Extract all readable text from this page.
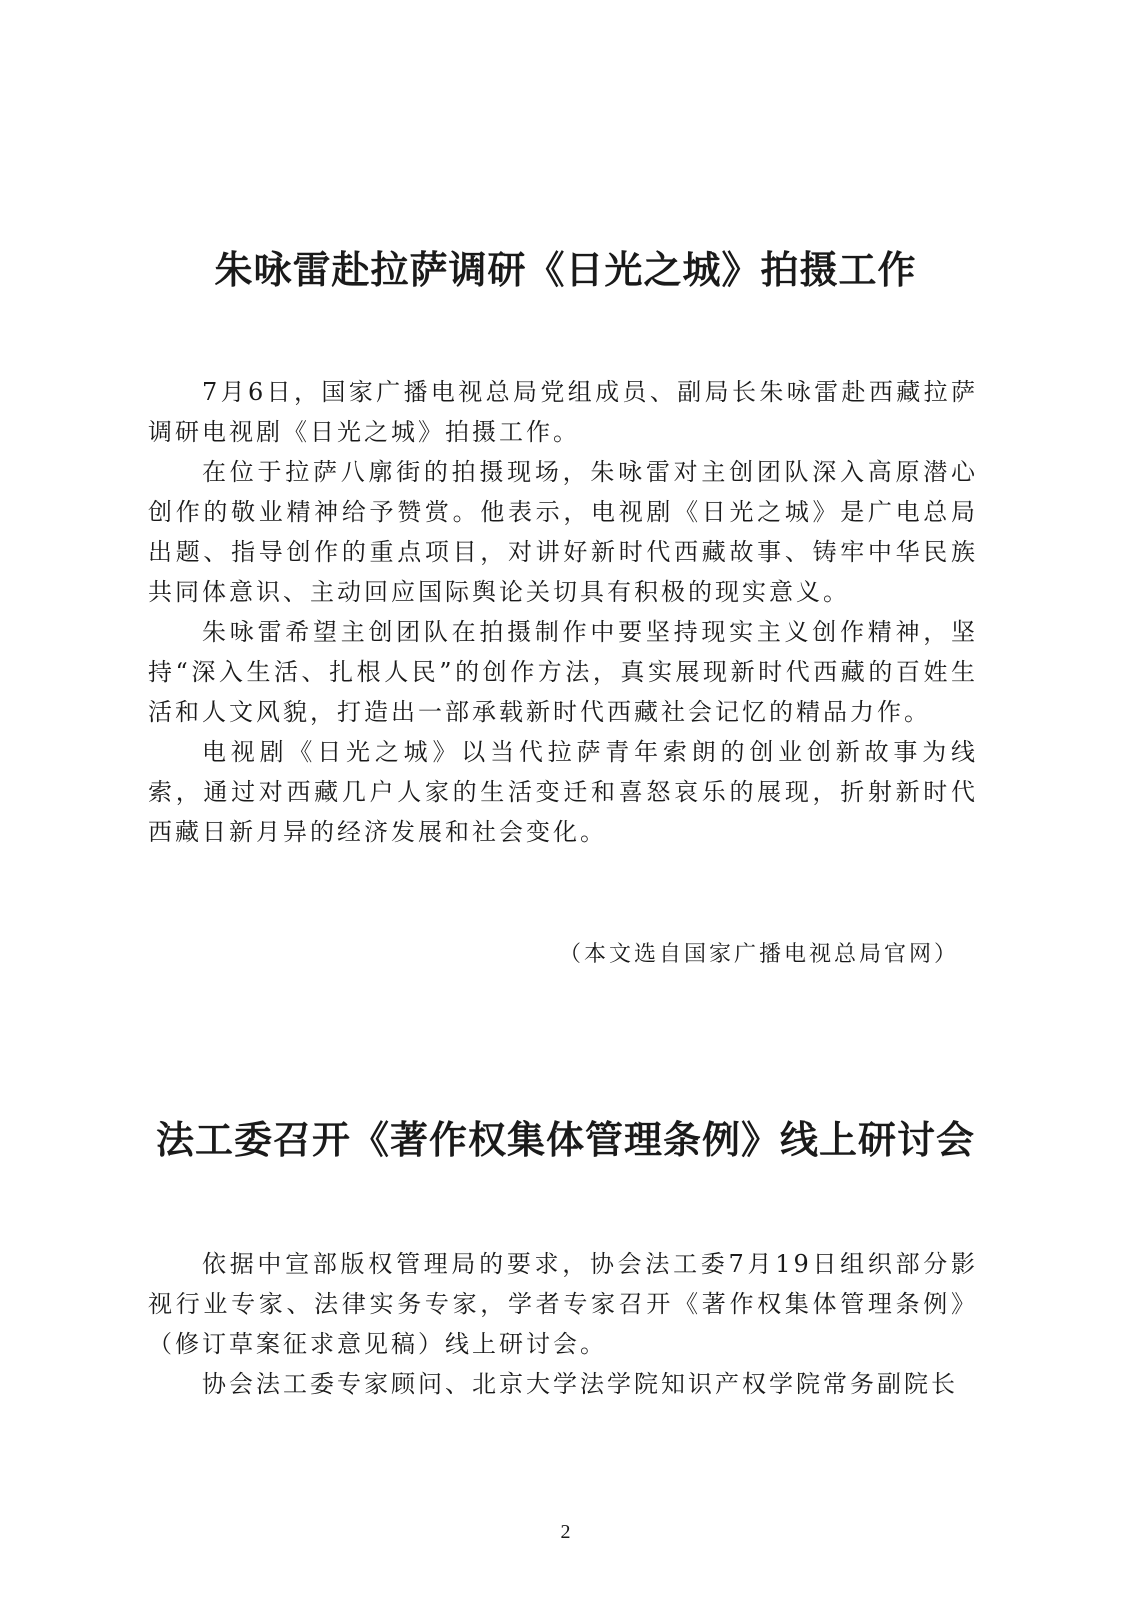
朱咏雷赴拉萨调研《日光之城》拍摄工作

7月6日，国家广播电视总局党组成员、副局长朱咏雷赴西藏拉萨调研电视剧《日光之城》拍摄工作。

在位于拉萨八廓街的拍摄现场，朱咏雷对主创团队深入高原潜心创作的敬业精神给予赞赏。他表示，电视剧《日光之城》是广电总局出题、指导创作的重点项目，对讲好新时代西藏故事、铸牢中华民族共同体意识、主动回应国际舆论关切具有积极的现实意义。

朱咏雷希望主创团队在拍摄制作中要坚持现实主义创作精神，坚持“深入生活、扎根人民”的创作方法，真实展现新时代西藏的百姓生活和人文风貌，打造出一部承载新时代西藏社会记忆的精品力作。

电视剧《日光之城》以当代拉萨青年索朗的创业创新故事为线索，通过对西藏几户人家的生活变迁和喜怒哀乐的展现，折射新时代西藏日新月异的经济发展和社会变化。

（本文选自国家广播电视总局官网）

法工委召开《著作权集体管理条例》线上研讨会

依据中宣部版权管理局的要求，协会法工委7月19日组织部分影视行业专家、法律实务专家，学者专家召开《著作权集体管理条例》（修订草案征求意见稿）线上研讨会。

协会法工委专家顾问、北京大学法学院知识产权学院常务副院长

2
